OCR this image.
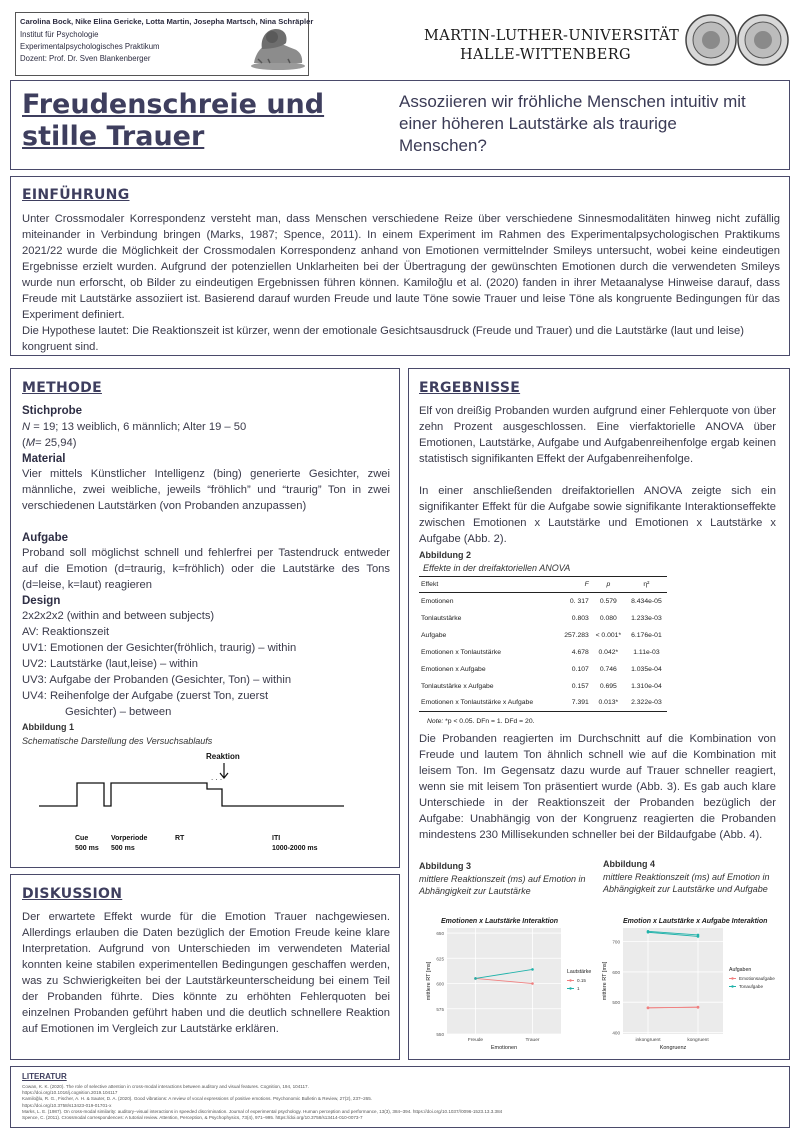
Carolina Bock, Nike Elina Gericke, Lotta Martin, Josepha Martsch, Nina Schräpler
Institut für Psychologie
Experimentalpsychologisches Praktikum
Dozent: Prof. Dr. Sven Blankenberger
MARTIN-LUTHER-UNIVERSITÄT
HALLE-WITTENBERG
Freudenschreie und
stille Trauer
Assoziieren wir fröhliche Menschen intuitiv mit einer höheren Lautstärke als traurige Menschen?
EINFÜHRUNG
Unter Crossmodaler Korrespondenz versteht man, dass Menschen verschiedene Reize über verschiedene Sinnesmodalitäten hinweg nicht zufällig miteinander in Verbindung bringen (Marks, 1987; Spence, 2011). In einem Experiment im Rahmen des Experimentalpsychologischen Praktikums 2021/22 wurde die Möglichkeit der Crossmodalen Korrespondenz anhand von Emotionen vermittelnder Smileys untersucht, wobei keine eindeutigen Ergebnisse erzielt wurden. Aufgrund der potenziellen Unklarheiten bei der Übertragung der gewünschten Emotionen durch die verwendeten Smileys wurde nun erforscht, ob Bilder zu eindeutigen Ergebnissen führen können. Kamiloğlu et al. (2020) fanden in ihrer Metaanalyse Hinweise darauf, dass Freude mit Lautstärke assoziiert ist. Basierend darauf wurden Freude und laute Töne sowie Trauer und leise Töne als kongruente Bedingungen für das Experiment definiert.
Die Hypothese lautet: Die Reaktionszeit ist kürzer, wenn der emotionale Gesichtsausdruck (Freude und Trauer) und die Lautstärke (laut und leise) kongruent sind.
METHODE
Stichprobe
N = 19; 13 weiblich, 6 männlich; Alter 19 – 50
(M= 25,94)
Material
Vier mittels Künstlicher Intelligenz (bing) generierte Gesichter, zwei männliche, zwei weibliche, jeweils “fröhlich” und “traurig” Ton in zwei verschiedenen Lautstärken (von Probanden anzupassen)
Aufgabe
Proband soll möglichst schnell und fehlerfrei per Tastendruck entweder auf die Emotion (d=traurig, k=fröhlich) oder die Lautstärke des Tons (d=leise, k=laut) reagieren
Design
2x2x2x2 (within and between subjects)
AV: Reaktionszeit
UV1: Emotionen der Gesichter(fröhlich, traurig) – within
UV2: Lautstärke (laut,leise) – within
UV3: Aufgabe der Probanden (Gesichter, Ton) – within
UV4: Reihenfolge der Aufgabe (zuerst Ton, zuerst
Gesichter) – between
Abbildung 1
Schematische Darstellung des Versuchsablaufs
Reaktion
. . .
Cue
500 ms
Vorperiode
500 ms
RT	ITI
1000-2000 ms
DISKUSSION
Der erwartete Effekt wurde für die Emotion Trauer nachgewiesen. Allerdings erlauben die Daten bezüglich der Emotion Freude keine klare Interpretation. Aufgrund von Unterschieden im verwendeten Material konnten keine stabilen experimentellen Bedingungen geschaffen werden, was zu Schwierigkeiten bei der Lautstärkeunterscheidung bei einem Teil der Probanden führte. Dies könnte zu erhöhten Fehlerquoten bei einzelnen Probanden geführt haben und die deutlich schnellere Reaktion auf Emotionen im Vergleich zur Lautstärke erklären.
LITERATUR
Cowan, K. K. (2020). The role of selective attention in cross-modal interactions between auditory and visual features. Cognition, 194, 104117.
https://doi.org/10.1016/j.cognition.2019.104117
Kamiloğlu, R. G., Fischer, A. H. & Sauter, D. A. (2020). Good vibrations: A review of vocal expressions of positive emotions. Psychonomic Bulletin & Review, 27(2), 237–265.
https://doi.org/10.3758/s13423-019-01701-x
Marks, L. E. (1987). On cross-modal similarity: auditory–visual interactions in speeded discrimination. Journal of experimental psychology. Human perception and performance, 13(3), 384–394. https://doi.org/10.1037//0096-1523.13.3.384
Spence, C. (2011). Crossmodal correspondences: A tutorial review. Attention, Perception, & Psychophysics, 73(4), 971–995. https://doi.org/10.3758/s13414-010-0073-7
ERGEBNISSE
Elf von dreißig Probanden wurden aufgrund einer Fehlerquote von über zehn Prozent ausgeschlossen. Eine vierfaktorielle ANOVA über Emotionen, Lautstärke, Aufgabe und Aufgabenreihenfolge ergab keinen statistisch signifikanten Effekt der Aufgabenreihenfolge.
In einer anschließenden dreifaktoriellen ANOVA zeigte sich ein signifikanter Effekt für die Aufgabe sowie signifikante Interaktionseffekte zwischen Emotionen x Lautstärke und Emotionen x Lautstärke x Aufgabe (Abb. 2).
Abbildung 2
Effekte in der dreifaktoriellen ANOVA
Effekt	F	p	η²
Emotionen	0. 317	0.579	8.434e-05
Tonlautstärke	0.803	0.080	1.233e-03
Aufgabe	257.283	< 0.001*	6.176e-01
Emotionen x Tonlautstärke	4.678	0.042*	1.11e-03
Emotionen x Aufgabe	0.107	0.746	1.035e-04
Tonlautstärke x Aufgabe	0.157	0.695	1.310e-04
Emotionen x Tonlautstärke x Aufgabe	7.391	0.013*	2.322e-03
Note: *p < 0.05. DFn = 1. DFd = 20.
Die Probanden reagierten im Durchschnitt auf die Kombination von Freude und lautem Ton ähnlich schnell wie auf die Kombination mit leisem Ton. Im Gegensatz dazu wurde auf Trauer schneller reagiert, wenn sie mit leisem Ton präsentiert wurde (Abb. 3). Es gab auch klare Unterschiede in der Reaktionszeit der Probanden bezüglich der Aufgabe: Unabhängig von der Kongruenz reagierten die Probanden mindestens 230 Millisekunden schneller bei der Bildaufgabe (Abb. 4).
Abbildung 3
mittlere Reaktionszeit (ms) auf Emotion in Abhängigkeit zur Lautstärke
Abbildung 4
mittlere Reaktionszeit (ms) auf Emotion in Abhängigkeit zur Lautstärke und Aufgabe
Emotionen x Lautstärke Interaktion
550
575
600
625
650
Freude	Trauer
Emotionen
mittlere RT [ms]	Lautstärke
0.15
1
Emotion x Lautstärke x Aufgabe Interaktion
400
500
600
700
inkongruent	kongruent
Kongruenz
mittlere RT [ms]	Aufgaben
Emotionsaufgabe
Tonaufgabe
